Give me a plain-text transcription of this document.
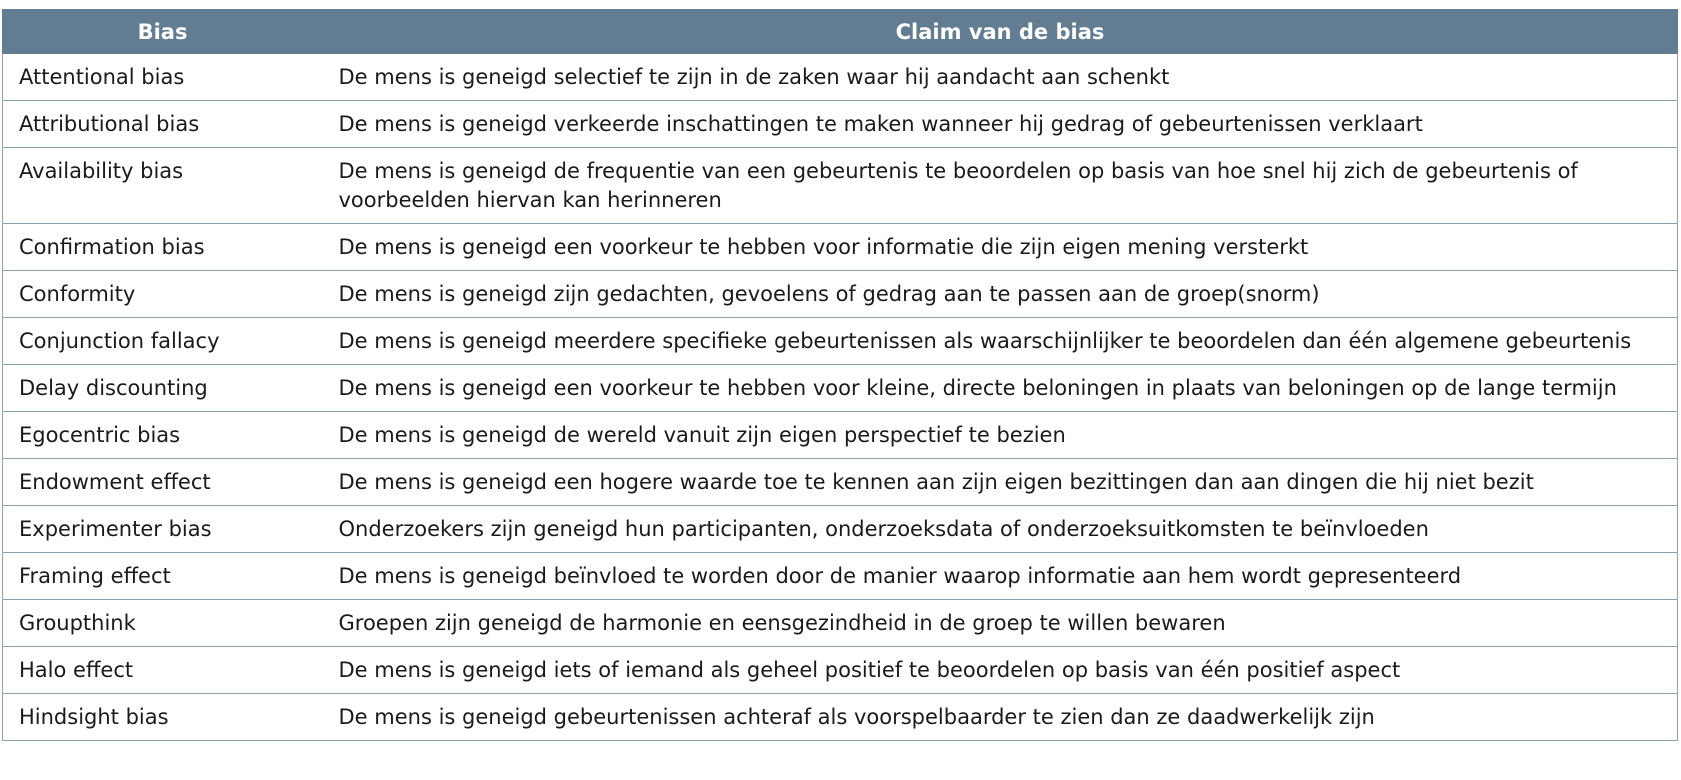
Bias	Claim van de bias
Attentional bias	De mens is geneigd selectief te zijn in de zaken waar hij aandacht aan schenkt
Attributional bias	De mens is geneigd verkeerde inschattingen te maken wanneer hij gedrag of gebeurtenissen verklaart
Availability bias	De mens is geneigd de frequentie van een gebeurtenis te beoordelen op basis van hoe snel hij zich de gebeurtenis of voorbeelden hiervan kan herinneren
Confirmation bias	De mens is geneigd een voorkeur te hebben voor informatie die zijn eigen mening versterkt
Conformity	De mens is geneigd zijn gedachten, gevoelens of gedrag aan te passen aan de groep(snorm)
Conjunction fallacy	De mens is geneigd meerdere specifieke gebeurtenissen als waarschijnlijker te beoordelen dan één algemene gebeurtenis
Delay discounting	De mens is geneigd een voorkeur te hebben voor kleine, directe beloningen in plaats van beloningen op de lange termijn
Egocentric bias	De mens is geneigd de wereld vanuit zijn eigen perspectief te bezien
Endowment effect	De mens is geneigd een hogere waarde toe te kennen aan zijn eigen bezittingen dan aan dingen die hij niet bezit
Experimenter bias	Onderzoekers zijn geneigd hun participanten, onderzoeksdata of onderzoeksuitkomsten te beïnvloeden
Framing effect	De mens is geneigd beïnvloed te worden door de manier waarop informatie aan hem wordt gepresenteerd
Groupthink	Groepen zijn geneigd de harmonie en eensgezindheid in de groep te willen bewaren
Halo effect	De mens is geneigd iets of iemand als geheel positief te beoordelen op basis van één positief aspect
Hindsight bias	De mens is geneigd gebeurtenissen achteraf als voorspelbaarder te zien dan ze daadwerkelijk zijn
